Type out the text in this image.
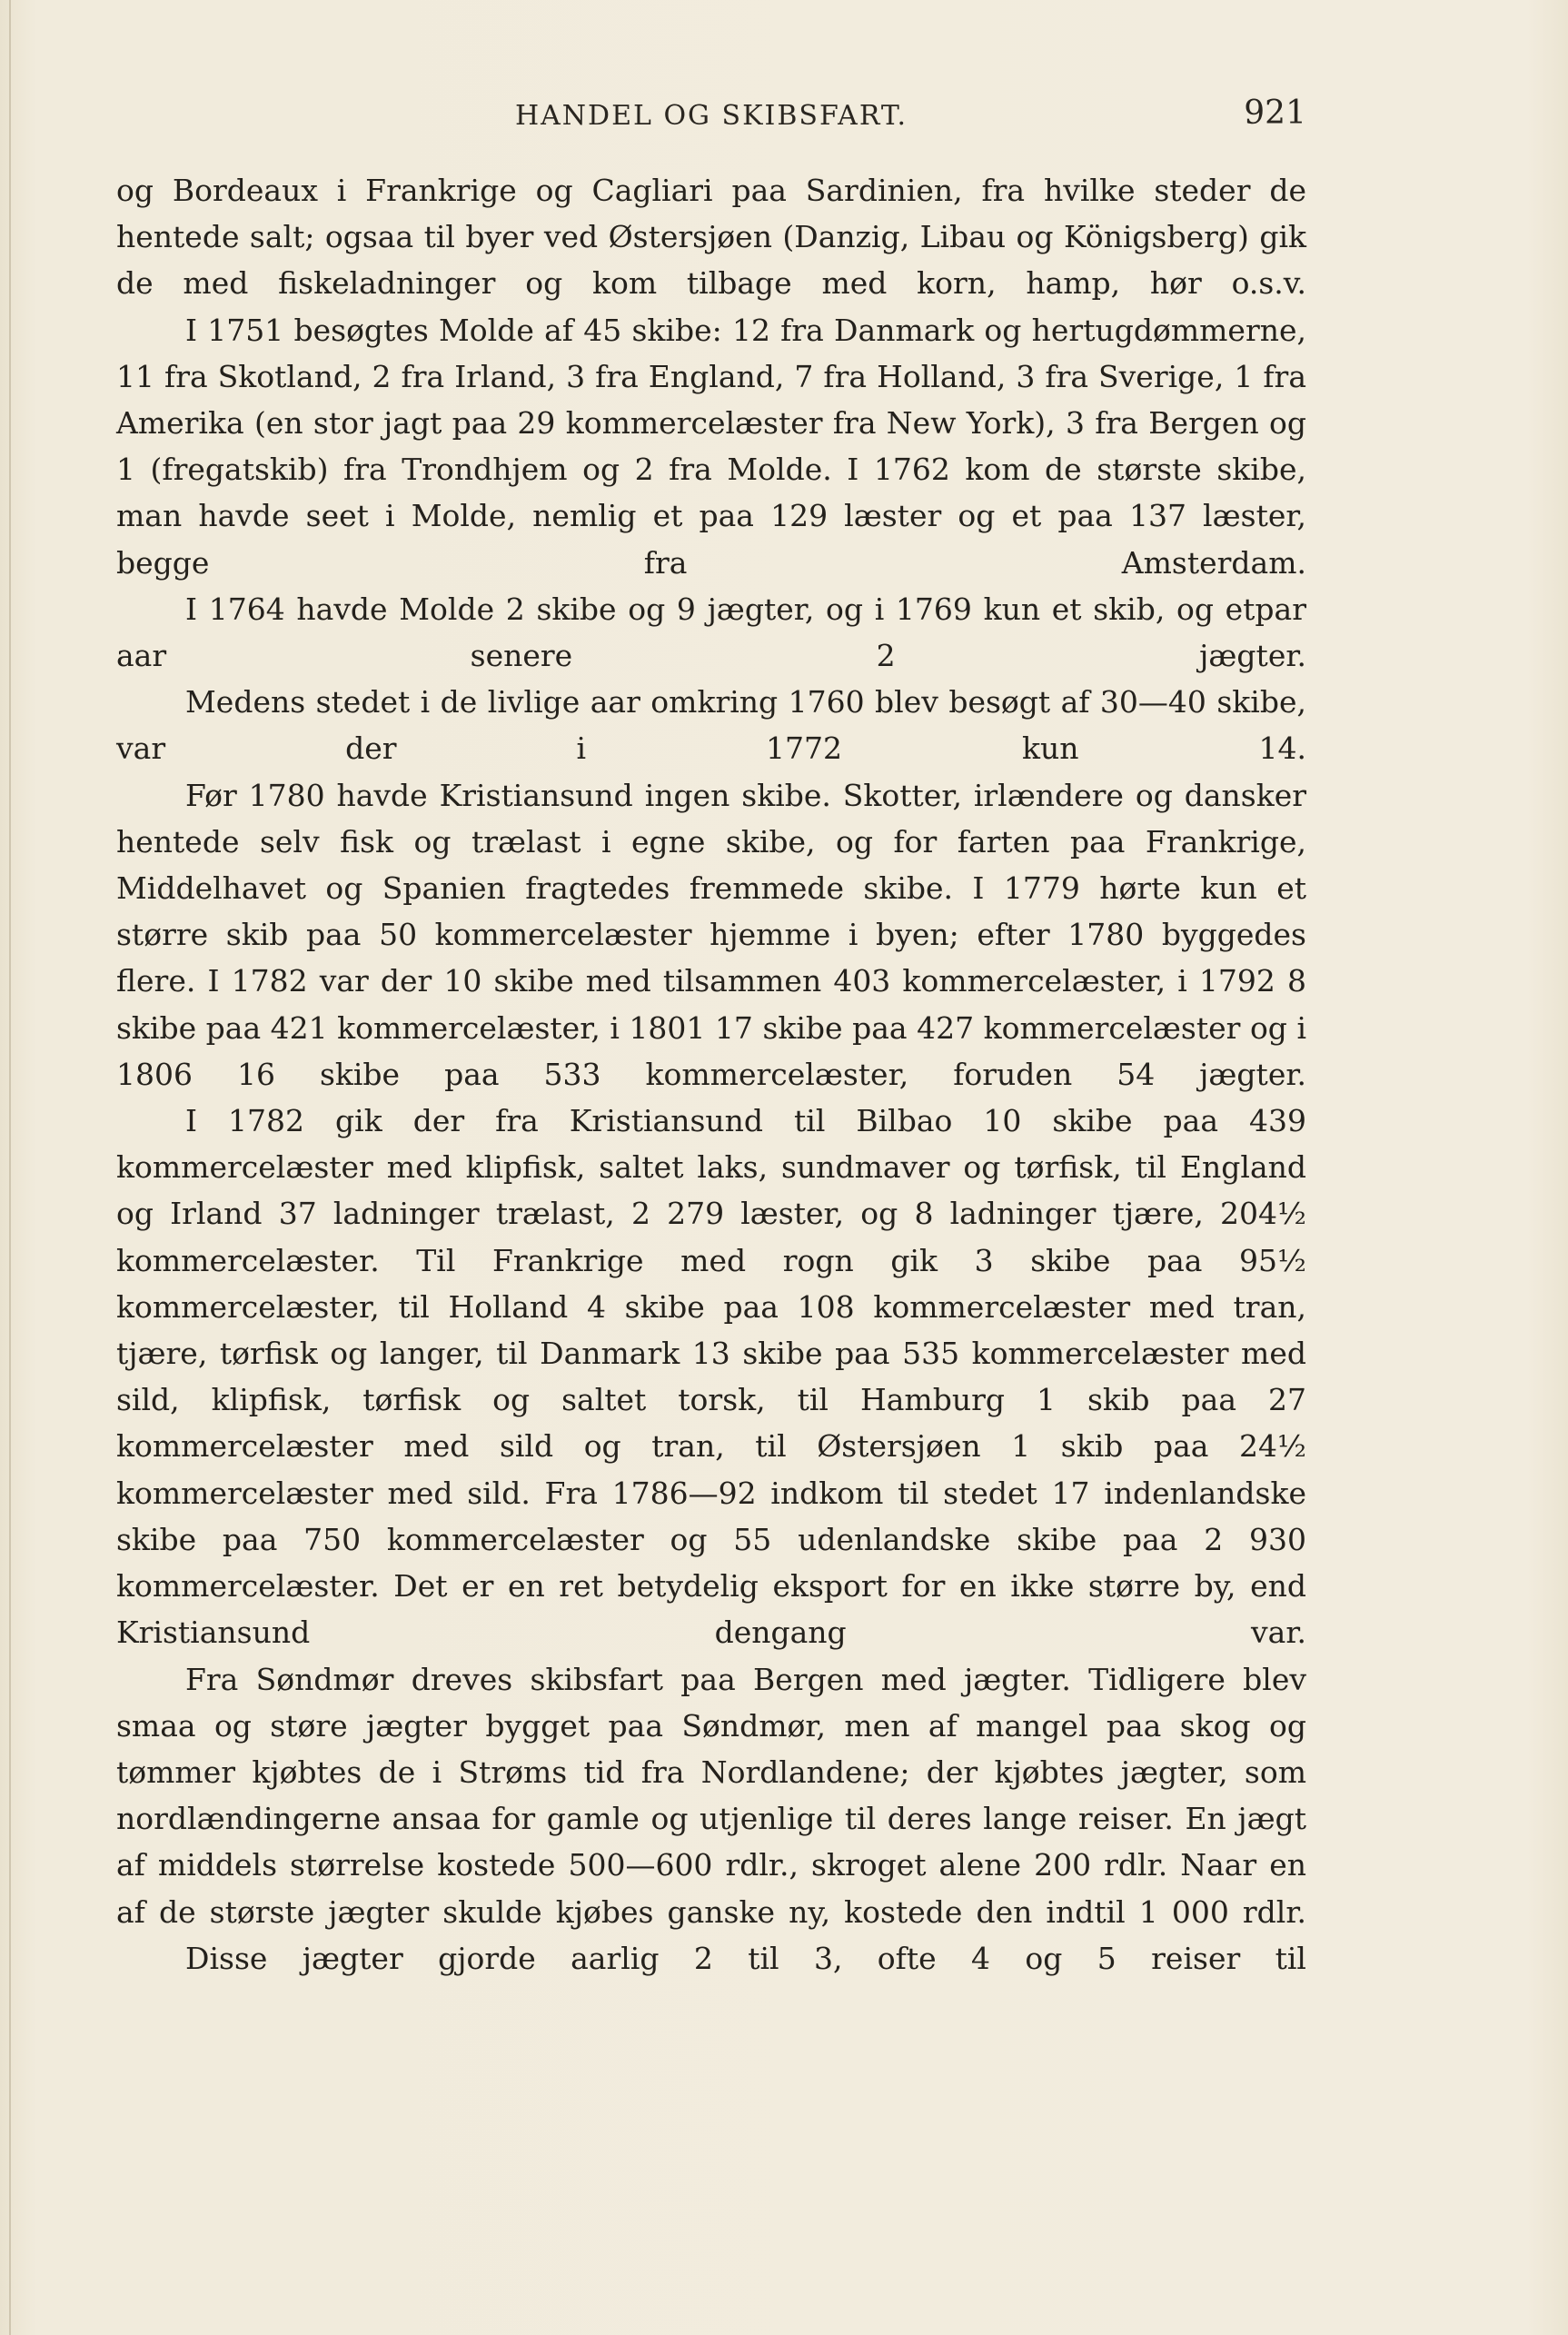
HANDEL OG SKIBSFART.	921

og Bordeaux i Frankrige og Cagliari paa Sardinien, fra hvilke steder de hentede salt; ogsaa til byer ved Østersjøen (Danzig, Libau og Königsberg) gik de med fiskeladninger og kom tilbage med korn, hamp, hør o.s.v.

I 1751 besøgtes Molde af 45 skibe: 12 fra Danmark og hertugdømmerne, 11 fra Skotland, 2 fra Irland, 3 fra England, 7 fra Holland, 3 fra Sverige, 1 fra Amerika (en stor jagt paa 29 kommercelæster fra New York), 3 fra Bergen og 1 (fregatskib) fra Trondhjem og 2 fra Molde. I 1762 kom de største skibe, man havde seet i Molde, nemlig et paa 129 læster og et paa 137 læster, begge fra Amsterdam.

I 1764 havde Molde 2 skibe og 9 jægter, og i 1769 kun et skib, og etpar aar senere 2 jægter.

Medens stedet i de livlige aar omkring 1760 blev besøgt af 30—40 skibe, var der i 1772 kun 14.

Før 1780 havde Kristiansund ingen skibe. Skotter, irlændere og dansker hentede selv fisk og trælast i egne skibe, og for farten paa Frankrige, Middelhavet og Spanien fragtedes fremmede skibe. I 1779 hørte kun et større skib paa 50 kommercelæster hjemme i byen; efter 1780 byggedes flere. I 1782 var der 10 skibe med tilsammen 403 kommercelæster, i 1792 8 skibe paa 421 kommercelæster, i 1801 17 skibe paa 427 kommercelæster og i 1806 16 skibe paa 533 kommercelæster, foruden 54 jægter.

I 1782 gik der fra Kristiansund til Bilbao 10 skibe paa 439 kommercelæster med klipfisk, saltet laks, sundmaver og tørfisk, til England og Irland 37 ladninger trælast, 2 279 læster, og 8 ladninger tjære, 204½ kommercelæster. Til Frankrige med rogn gik 3 skibe paa 95½ kommercelæster, til Holland 4 skibe paa 108 kommercelæster med tran, tjære, tørfisk og langer, til Danmark 13 skibe paa 535 kommercelæster med sild, klipfisk, tørfisk og saltet torsk, til Hamburg 1 skib paa 27 kommercelæster med sild og tran, til Østersjøen 1 skib paa 24½ kommercelæster med sild. Fra 1786—92 indkom til stedet 17 indenlandske skibe paa 750 kommercelæster og 55 udenlandske skibe paa 2 930 kommercelæster. Det er en ret betydelig eksport for en ikke større by, end Kristiansund dengang var.

Fra Søndmør dreves skibsfart paa Bergen med jægter. Tidligere blev smaa og støre jægter bygget paa Søndmør, men af mangel paa skog og tømmer kjøbtes de i Strøms tid fra Nordlandene; der kjøbtes jægter, som nordlændingerne ansaa for gamle og utjenlige til deres lange reiser. En jægt af middels størrelse kostede 500—600 rdlr., skroget alene 200 rdlr. Naar en af de største jægter skulde kjøbes ganske ny, kostede den indtil 1 000 rdlr.

Disse jægter gjorde aarlig 2 til 3, ofte 4 og 5 reiser til
